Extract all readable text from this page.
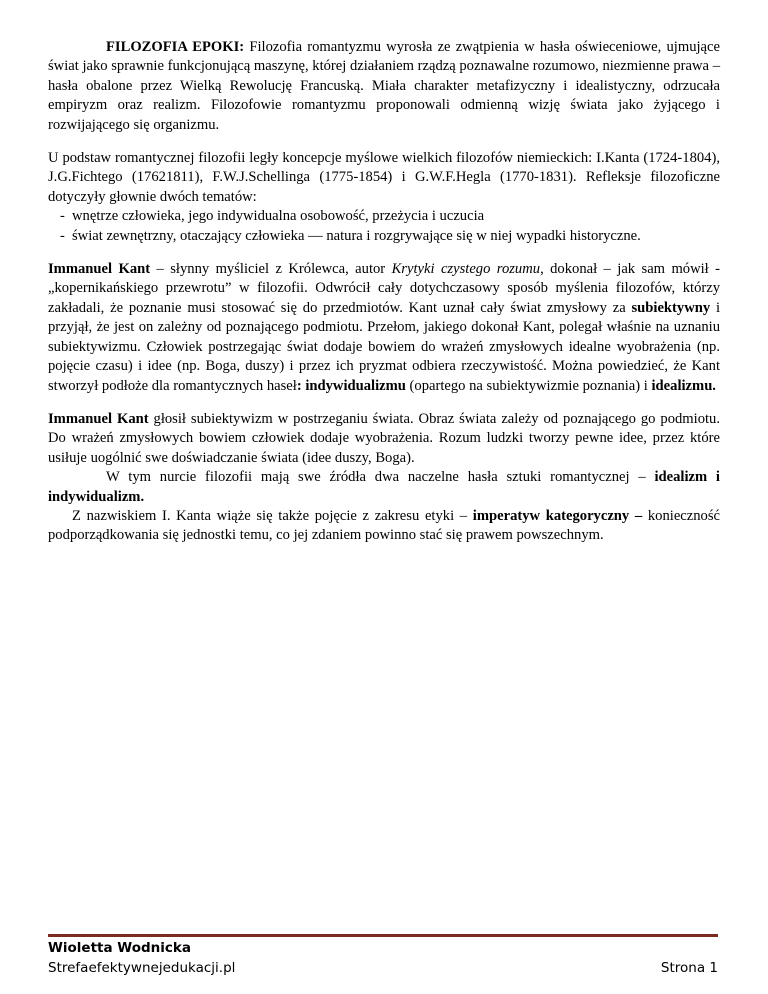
FILOZOFIA EPOKI: Filozofia romantyzmu wyrosła ze zwątpienia w hasła oświeceniowe, ujmujące świat jako sprawnie funkcjonującą maszynę, której działaniem rządzą poznawalne rozumowo, niezmienne prawa – hasła obalone przez Wielką Rewolucję Francuską. Miała charakter metafizyczny i idealistyczny, odrzucała empiryzm oraz realizm. Filozofowie romantyzmu proponowali odmienną wizję świata jako żyjącego i rozwijającego się organizmu.

U podstaw romantycznej filozofii legły koncepcje myślowe wielkich filozofów niemieckich: I.Kanta (1724-1804), J.G.Fichtego (17621811), F.W.J.Schellinga (1775-1854) i G.W.F.Hegla (1770-1831). Refleksje filozoficzne dotyczyły głownie dwóch tematów:

- wnętrze człowieka, jego indywidualna osobowość, przeżycia i uczucia
- świat zewnętrzny, otaczający człowieka — natura i rozgrywające się w niej wypadki historyczne.

Immanuel Kant – słynny myśliciel z Królewca, autor Krytyki czystego rozumu, dokonał – jak sam mówił - „kopernikańskiego przewrotu” w filozofii. Odwrócił cały dotychczasowy sposób myślenia filozofów, którzy zakładali, że poznanie musi stosować się do przedmiotów. Kant uznał cały świat zmysłowy za subiektywny i przyjął, że jest on zależny od poznającego podmiotu. Przełom, jakiego dokonał Kant, polegał właśnie na uznaniu subiektywizmu. Człowiek postrzegając świat dodaje bowiem do wrażeń zmysłowych idealne wyobrażenia (np. pojęcie czasu) i idee (np. Boga, duszy) i przez ich pryzmat odbiera rzeczywistość. Można powiedzieć, że Kant stworzył podłoże dla romantycznych haseł: indywidualizmu (opartego na subiektywizmie poznania) i idealizmu.

Immanuel Kant głosił subiektywizm w postrzeganiu świata. Obraz świata zależy od poznającego go podmiotu. Do wrażeń zmysłowych bowiem człowiek dodaje wyobrażenia. Rozum ludzki tworzy pewne idee, przez które usiłuje uogólnić swe doświadczanie świata (idee duszy, Boga).

W tym nurcie filozofii mają swe źródła dwa naczelne hasła sztuki romantycznej – idealizm i indywidualizm.

Z nazwiskiem I. Kanta wiąże się także pojęcie z zakresu etyki – imperatyw kategoryczny – konieczność podporządkowania się jednostki temu, co jej zdaniem powinno stać się prawem powszechnym.

Wioletta Wodnicka
Strefaefektywnejedukacji.pl	Strona 1
